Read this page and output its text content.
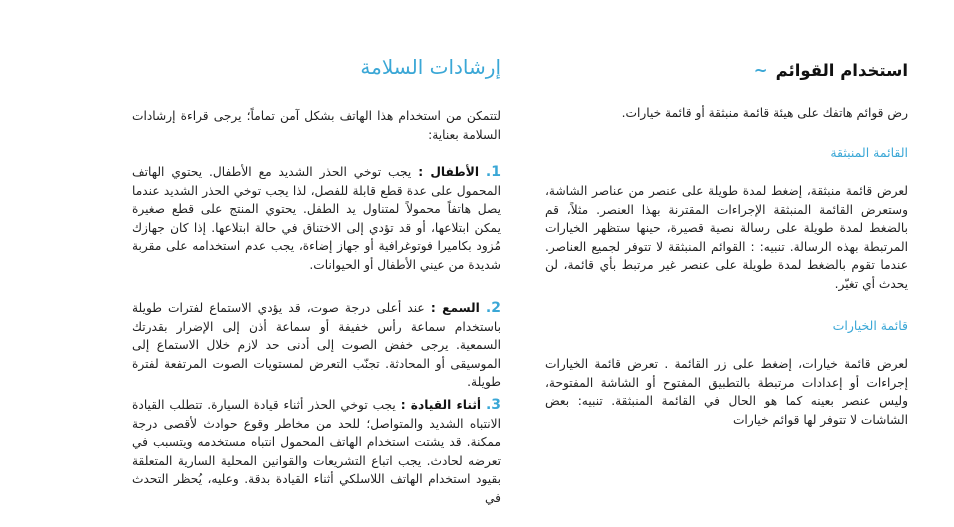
استخدام القوائم~

رض قوائم هاتفك على هيئة قائمة منبثقة أو قائمة خيارات.

القائمة المنبثقة

لعرض قائمة منبثقة، إضغط لمدة طويلة على عنصر من عناصر الشاشة، وستعرض القائمة المنبثقة الإجراءات المقترنة بهذا العنصر. مثلاً، قم بالضغط لمدة طويلة على رسالة نصية قصيرة، حينها ستظهر الخيارات المرتبطة بهذه الرسالة. تنبيه: : القوائم المنبثقة لا تتوفر لجميع العناصر. عندما تقوم بالضغط لمدة طويلة على عنصر غير مرتبط بأي قائمة، لن يحدث أي تغيّر.

قائمة الخيارات

لعرض قائمة خيارات، إضغط على زر القائمة . تعرض قائمة الخيارات إجراءات أو إعدادات مرتبطة بالتطبيق المفتوح أو الشاشة المفتوحة، وليس عنصر بعينه كما هو الحال في القائمة المنبثقة. تنبيه: بعض الشاشات لا تتوفر لها قوائم خيارات

إرشادات السلامة

لتتمكن من استخدام هذا الهاتف بشكل آمن تماماً؛ يرجى قراءة إرشادات السلامة بعناية:

1. الأطفال : يجب توخي الحذر الشديد مع الأطفال. يحتوي الهاتف المحمول على عدة قطع قابلة للفصل، لذا يجب توخي الحذر الشديد عندما يصل هاتفاً محمولاً لمتناول يد الطفل. يحتوي المنتج على قطع صغيرة يمكن ابتلاعها، أو قد تؤدي إلى الاختناق في حالة ابتلاعها. إذا كان جهازك مُزود بكاميرا فوتوغرافية أو جهاز إضاءة، يجب عدم استخدامه على مقربة شديدة من عيني الأطفال أو الحيوانات.

2. السمع : عند أعلى درجة صوت، قد يؤدي الاستماع لفترات طويلة باستخدام سماعة رأس خفيفة أو سماعة أذن إلى الإضرار بقدرتك السمعية. يرجى خفض الصوت إلى أدنى حد لازم خلال الاستماع إلى الموسيقى أو المحادثة. تجنّب التعرض لمستويات الصوت المرتفعة لفترة طويلة.

3. أثناء القيادة : يجب توخي الحذر أثناء قيادة السيارة. تتطلب القيادة الانتباه الشديد والمتواصل؛ للحد من مخاطر وقوع حوادث لأقصى درجة ممكنة. قد يشتت استخدام الهاتف المحمول انتباه مستخدمه ويتسبب في تعرضه لحادث. يجب اتباع التشريعات والقوانين المحلية السارية المتعلقة بقيود استخدام الهاتف اللاسلكي أثناء القيادة بدقة. وعليه، يُحظر التحدث في
